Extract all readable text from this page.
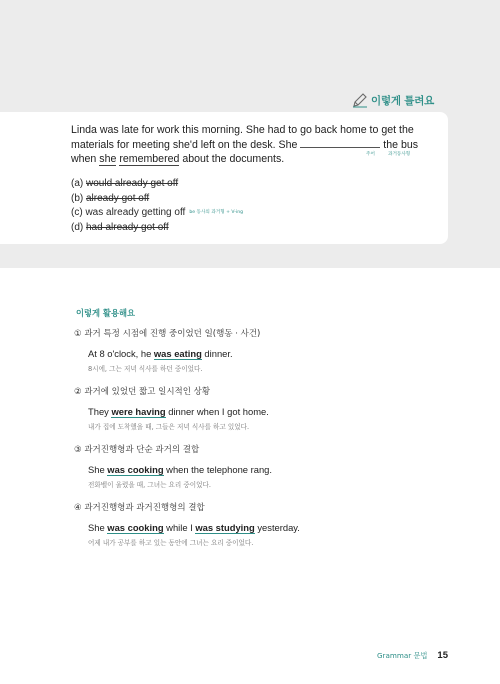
이렇게 틀려요
Linda was late for work this morning. She had to go back home to get the materials for meeting she'd left on the desk. She	the bus when she remembered about the documents.	주어	과거동사형
(a) would already get off
(b) already got off
(c) was already getting off $^{be 동사의 과거형 + V-ing}$
(d) had already got off
이렇게 활용해요
① 과거 특정 시점에 진행 중이었던 일(행동 · 사건)
At 8 o'clock, he was eating dinner.
8시에, 그는 저녁 식사를 하던 중이었다.
② 과거에 있었던 짧고 일시적인 상황
They were having dinner when I got home.
내가 집에 도착했을 때, 그들은 저녁 식사를 하고 있었다.
③ 과거진행형과 단순 과거의 결합
She was cooking when the telephone rang.
전화벨이 울렸을 때, 그녀는 요리 중이었다.
④ 과거진행형과 과거진행형의 결합
She was cooking while I was studying yesterday.
어제 내가 공부를 하고 있는 동안에 그녀는 요리 중이었다.
Grammar 문법 15
